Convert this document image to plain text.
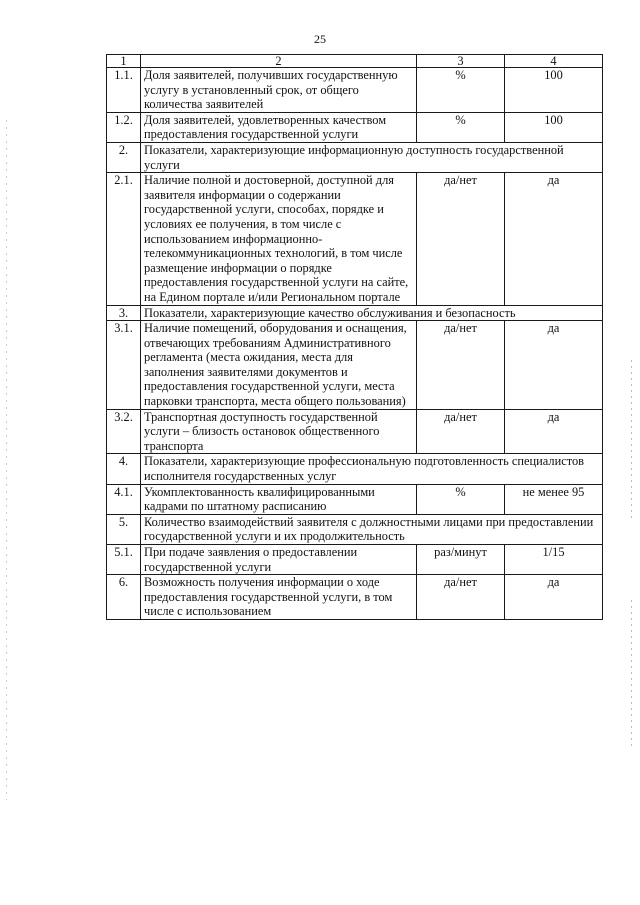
25
1	2	3	4
1.1.	Доля заявителей, получивших государственную услугу в установленный срок, от общего количества заявителей	%	100
1.2.	Доля заявителей, удовлетворенных качеством предоставления государственной услуги	%	100
2.	Показатели, характеризующие информационную доступность государственной услуги		
2.1.	Наличие полной и достоверной, доступной для заявителя информации о содержании государственной услуги, способах, порядке и условиях ее получения, в том числе с использованием информационно-телекоммуникационных технологий, в том числе размещение информации о порядке предоставления государственной услуги на сайте, на Едином портале и/или Региональном портале	да/нет	да
3.	Показатели, характеризующие качество обслуживания и безопасность		
3.1.	Наличие помещений, оборудования и оснащения, отвечающих требованиям Административного регламента (места ожидания, места для заполнения заявителями документов и предоставления государственной услуги, места парковки транспорта, места общего пользования)	да/нет	да
3.2.	Транспортная доступность государственной услуги – близость остановок общественного транспорта	да/нет	да
4.	Показатели, характеризующие профессиональную подготовленность специалистов исполнителя государственных услуг		
4.1.	Укомплектованность квалифицированными кадрами по штатному расписанию	%	не менее 95
5.	Количество взаимодействий заявителя с должностными лицами при предоставлении государственной услуги и их продолжительность		
5.1.	При подаче заявления о предоставлении государственной услуги	раз/минут	1/15
6.	Возможность получения информации о ходе предоставления государственной услуги, в том числе с использованием	да/нет	да
